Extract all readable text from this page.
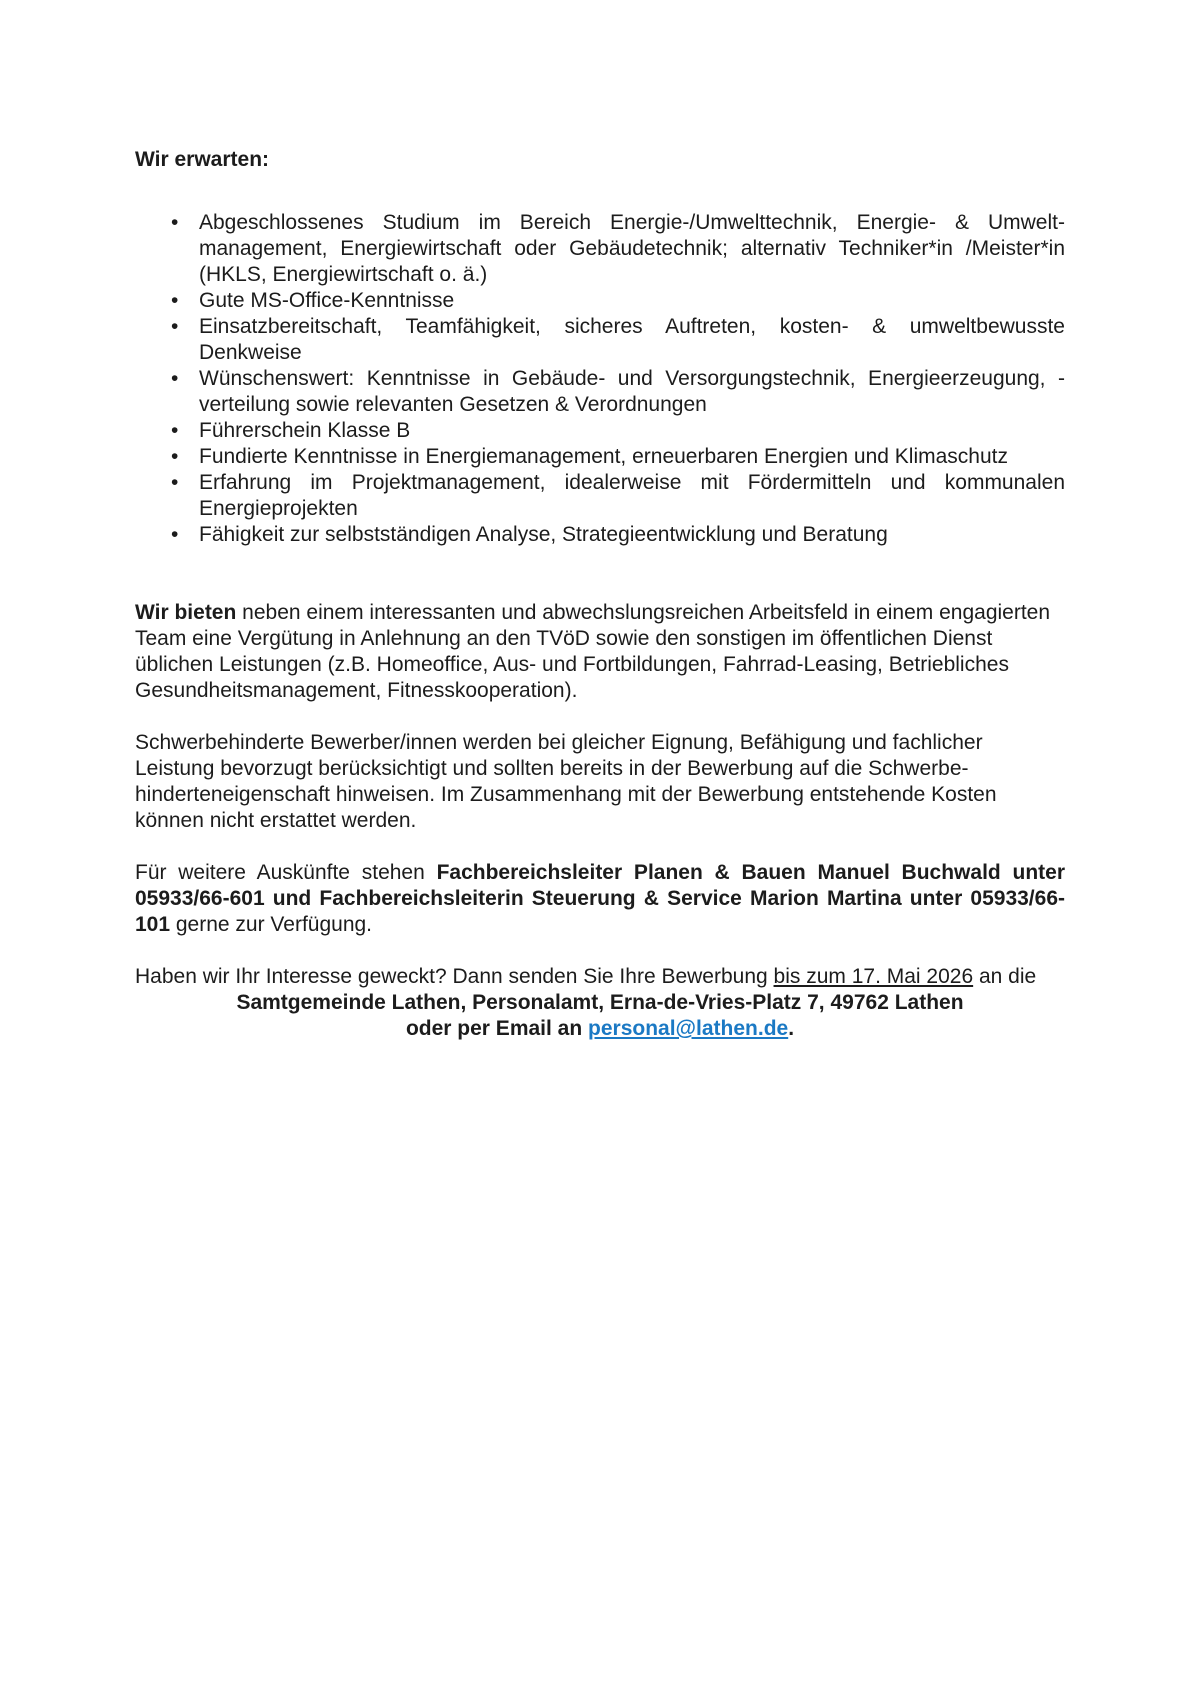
Wir erwarten:
• Abgeschlossenes Studium im Bereich Energie-/Umwelttechnik, Energie- & Umweltmanagement, Energiewirtschaft oder Gebäudetechnik; alternativ Techniker*in /Meister*in (HKLS, Energiewirtschaft o. ä.)
• Gute MS-Office-Kenntnisse
• Einsatzbereitschaft, Teamfähigkeit, sicheres Auftreten, kosten- & umweltbewusste Denkweise
• Wünschenswert: Kenntnisse in Gebäude- und Versorgungstechnik, Energieerzeugung, -verteilung sowie relevanten Gesetzen & Verordnungen
• Führerschein Klasse B
• Fundierte Kenntnisse in Energiemanagement, erneuerbaren Energien und Klimaschutz
• Erfahrung im Projektmanagement, idealerweise mit Fördermitteln und kommunalen Energieprojekten
• Fähigkeit zur selbstständigen Analyse, Strategieentwicklung und Beratung

Wir bieten neben einem interessanten und abwechslungsreichen Arbeitsfeld in einem engagierten Team eine Vergütung in Anlehnung an den TVöD sowie den sonstigen im öffentlichen Dienst üblichen Leistungen (z.B. Homeoffice, Aus- und Fortbildungen, Fahrrad-Leasing, Betriebliches Gesundheitsmanagement, Fitnesskooperation).

Schwerbehinderte Bewerber/innen werden bei gleicher Eignung, Befähigung und fachlicher Leistung bevorzugt berücksichtigt und sollten bereits in der Bewerbung auf die Schwerbehinderteneigenschaft hinweisen. Im Zusammenhang mit der Bewerbung entstehende Kosten können nicht erstattet werden.

Für weitere Auskünfte stehen Fachbereichsleiter Planen & Bauen Manuel Buchwald unter 05933/66-601 und Fachbereichsleiterin Steuerung & Service Marion Martina unter 05933/66-101 gerne zur Verfügung.

Haben wir Ihr Interesse geweckt? Dann senden Sie Ihre Bewerbung bis zum 17. Mai 2026 an die

Samtgemeinde Lathen, Personalamt, Erna-de-Vries-Platz 7, 49762 Lathen
oder per Email an personal@lathen.de.
